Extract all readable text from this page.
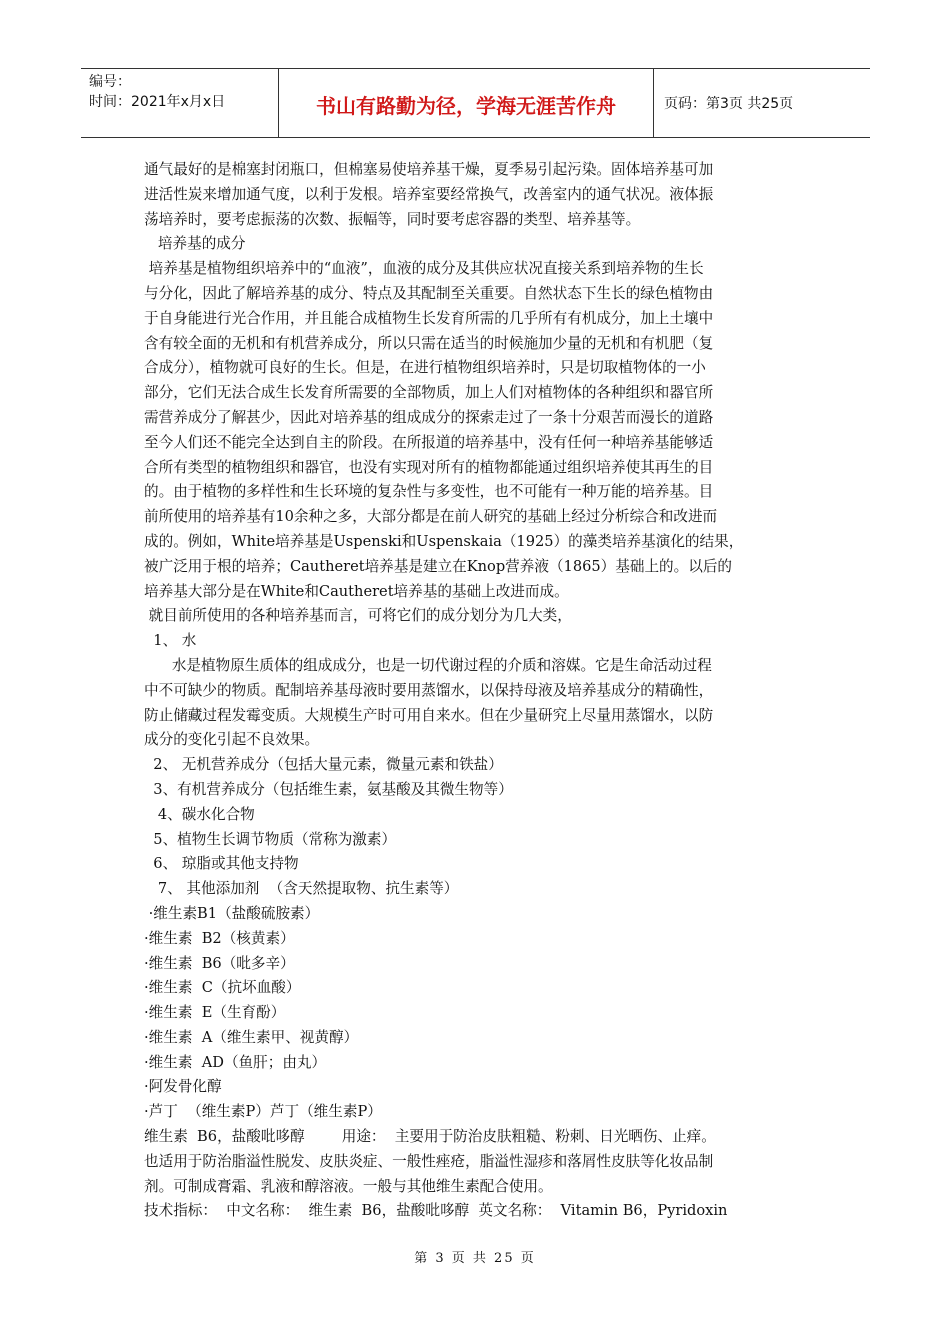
编号：
时间：2021年x月x日	书山有路勤为径，学海无涯苦作舟	页码：第3页 共25页
通气最好的是棉塞封闭瓶口，但棉塞易使培养基干燥，夏季易引起污染。固体培养基可加
进活性炭来增加通气度，以利于发根。培养室要经常换气，改善室内的通气状况。液体振
荡培养时，要考虑振荡的次数、振幅等，同时要考虑容器的类型、培养基等。
培养基的成分
培养基是植物组织培养中的“血液”，血液的成分及其供应状况直接关系到培养物的生长
与分化，因此了解培养基的成分、特点及其配制至关重要。自然状态下生长的绿色植物由
于自身能进行光合作用，并且能合成植物生长发育所需的几乎所有有机成分，加上土壤中
含有较全面的无机和有机营养成分，所以只需在适当的时候施加少量的无机和有机肥（复
合成分），植物就可良好的生长。但是，在进行植物组织培养时，只是切取植物体的一小
部分，它们无法合成生长发育所需要的全部物质，加上人们对植物体的各种组织和器官所
需营养成分了解甚少，因此对培养基的组成成分的探索走过了一条十分艰苦而漫长的道路
至今人们还不能完全达到自主的阶段。在所报道的培养基中，没有任何一种培养基能够适
合所有类型的植物组织和器官，也没有实现对所有的植物都能通过组织培养使其再生的目
的。由于植物的多样性和生长环境的复杂性与多变性，也不可能有一种万能的培养基。目
前所使用的培养基有10余种之多，大部分都是在前人研究的基础上经过分析综合和改进而
成的。例如，White培养基是Uspenski和Uspenskaia（1925）的藻类培养基演化的结果，
被广泛用于根的培养；Cautheret培养基是建立在Knop营养液（1865）基础上的。以后的
培养基大部分是在White和Cautheret培养基的基础上改进而成。
就目前所使用的各种培养基而言，可将它们的成分划分为几大类，
1、 水
水是植物原生质体的组成成分，也是一切代谢过程的介质和溶媒。它是生命活动过程
中不可缺少的物质。配制培养基母液时要用蒸馏水，以保持母液及培养基成分的精确性，
防止储藏过程发霉变质。大规模生产时可用自来水。但在少量研究上尽量用蒸馏水，以防
成分的变化引起不良效果。
2、 无机营养成分（包括大量元素，微量元素和铁盐）
3、有机营养成分（包括维生素，氨基酸及其微生物等）
4、碳水化合物
5、植物生长调节物质（常称为激素）
6、 琼脂或其他支持物
7、 其他添加剂  （含天然提取物、抗生素等）
·维生素B1（盐酸硫胺素）
·维生素  B2（核黄素）
·维生素  B6（吡多辛）
·维生素  C（抗坏血酸）
·维生素  E（生育酚）
·维生素  A（维生素甲、视黄醇）
·维生素  AD（鱼肝；由丸）
·阿发骨化醇
·芦丁  （维生素P）芦丁（维生素P）
维生素  B6，盐酸吡哆醇        用途：  主要用于防治皮肤粗糙、粉刺、日光晒伤、止痒。
也适用于防治脂溢性脱发、皮肤炎症、一般性痤疮，脂溢性湿疹和落屑性皮肤等化妆品制
剂。可制成膏霜、乳液和醇溶液。一般与其他维生素配合使用。
技术指标：  中文名称：  维生素  B6，盐酸吡哆醇  英文名称：  Vitamin B6，Pyridoxin
第 3 页 共 25 页
